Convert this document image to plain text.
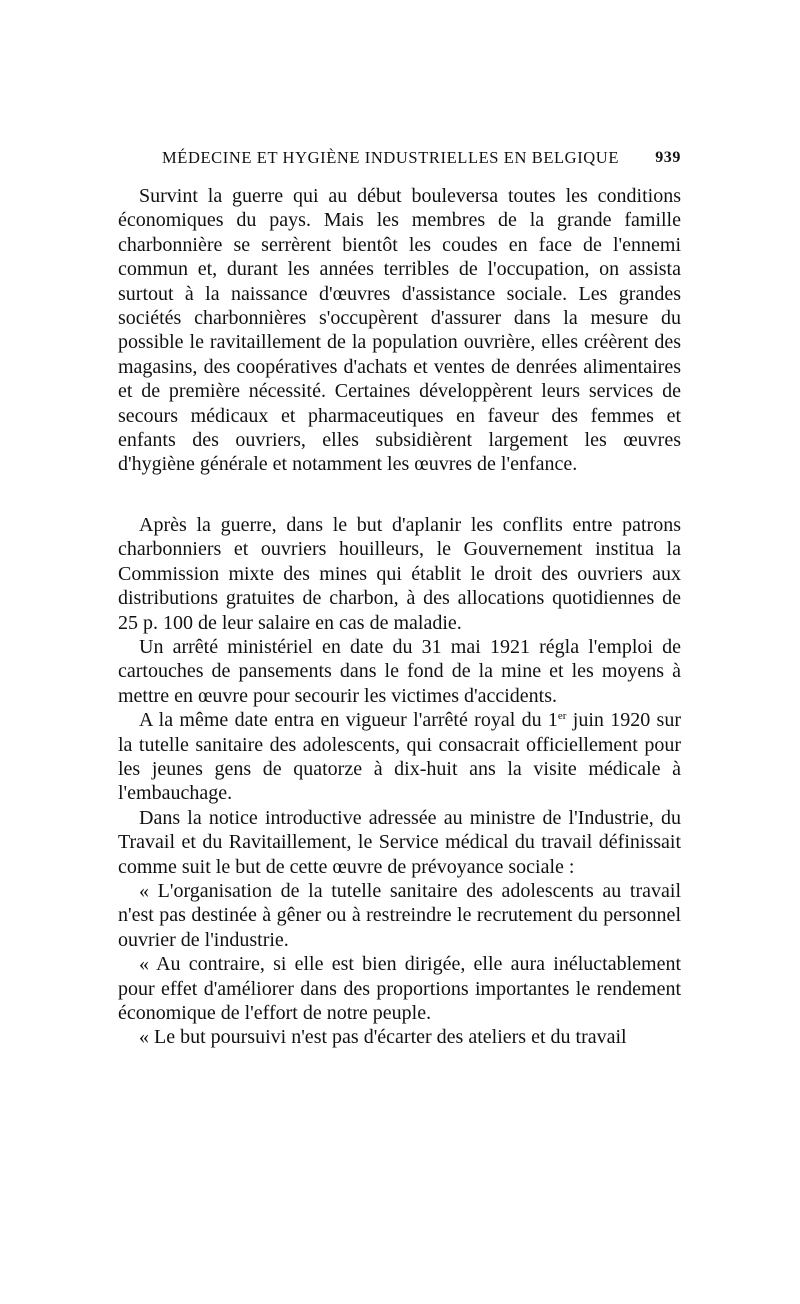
MÉDECINE ET HYGIÈNE INDUSTRIELLES EN BELGIQUE 939

Survint la guerre qui au début bouleversa toutes les conditions économiques du pays. Mais les membres de la grande famille charbonnière se serrèrent bientôt les coudes en face de l'ennemi commun et, durant les années terribles de l'occupation, on assista surtout à la naissance d'œuvres d'assistance sociale. Les grandes sociétés charbonnières s'occupèrent d'assurer dans la mesure du possible le ravitaillement de la population ouvrière, elles créèrent des magasins, des coopératives d'achats et ventes de denrées alimentaires et de première nécessité. Certaines développèrent leurs services de secours médicaux et pharmaceutiques en faveur des femmes et enfants des ouvriers, elles subsidièrent largement les œuvres d'hygiène générale et notamment les œuvres de l'enfance.

Après la guerre, dans le but d'aplanir les conflits entre patrons charbonniers et ouvriers houilleurs, le Gouvernement institua la Commission mixte des mines qui établit le droit des ouvriers aux distributions gratuites de charbon, à des allocations quotidiennes de 25 p. 100 de leur salaire en cas de maladie.

Un arrêté ministériel en date du 31 mai 1921 régla l'emploi de cartouches de pansements dans le fond de la mine et les moyens à mettre en œuvre pour secourir les victimes d'accidents.

A la même date entra en vigueur l'arrêté royal du 1er juin 1920 sur la tutelle sanitaire des adolescents, qui consacrait officiellement pour les jeunes gens de quatorze à dix-huit ans la visite médicale à l'embauchage.

Dans la notice introductive adressée au ministre de l'Industrie, du Travail et du Ravitaillement, le Service médical du travail définissait comme suit le but de cette œuvre de prévoyance sociale :

« L'organisation de la tutelle sanitaire des adolescents au travail n'est pas destinée à gêner ou à restreindre le recrutement du personnel ouvrier de l'industrie.

« Au contraire, si elle est bien dirigée, elle aura inéluctablement pour effet d'améliorer dans des proportions importantes le rendement économique de l'effort de notre peuple.

« Le but poursuivi n'est pas d'écarter des ateliers et du travail
